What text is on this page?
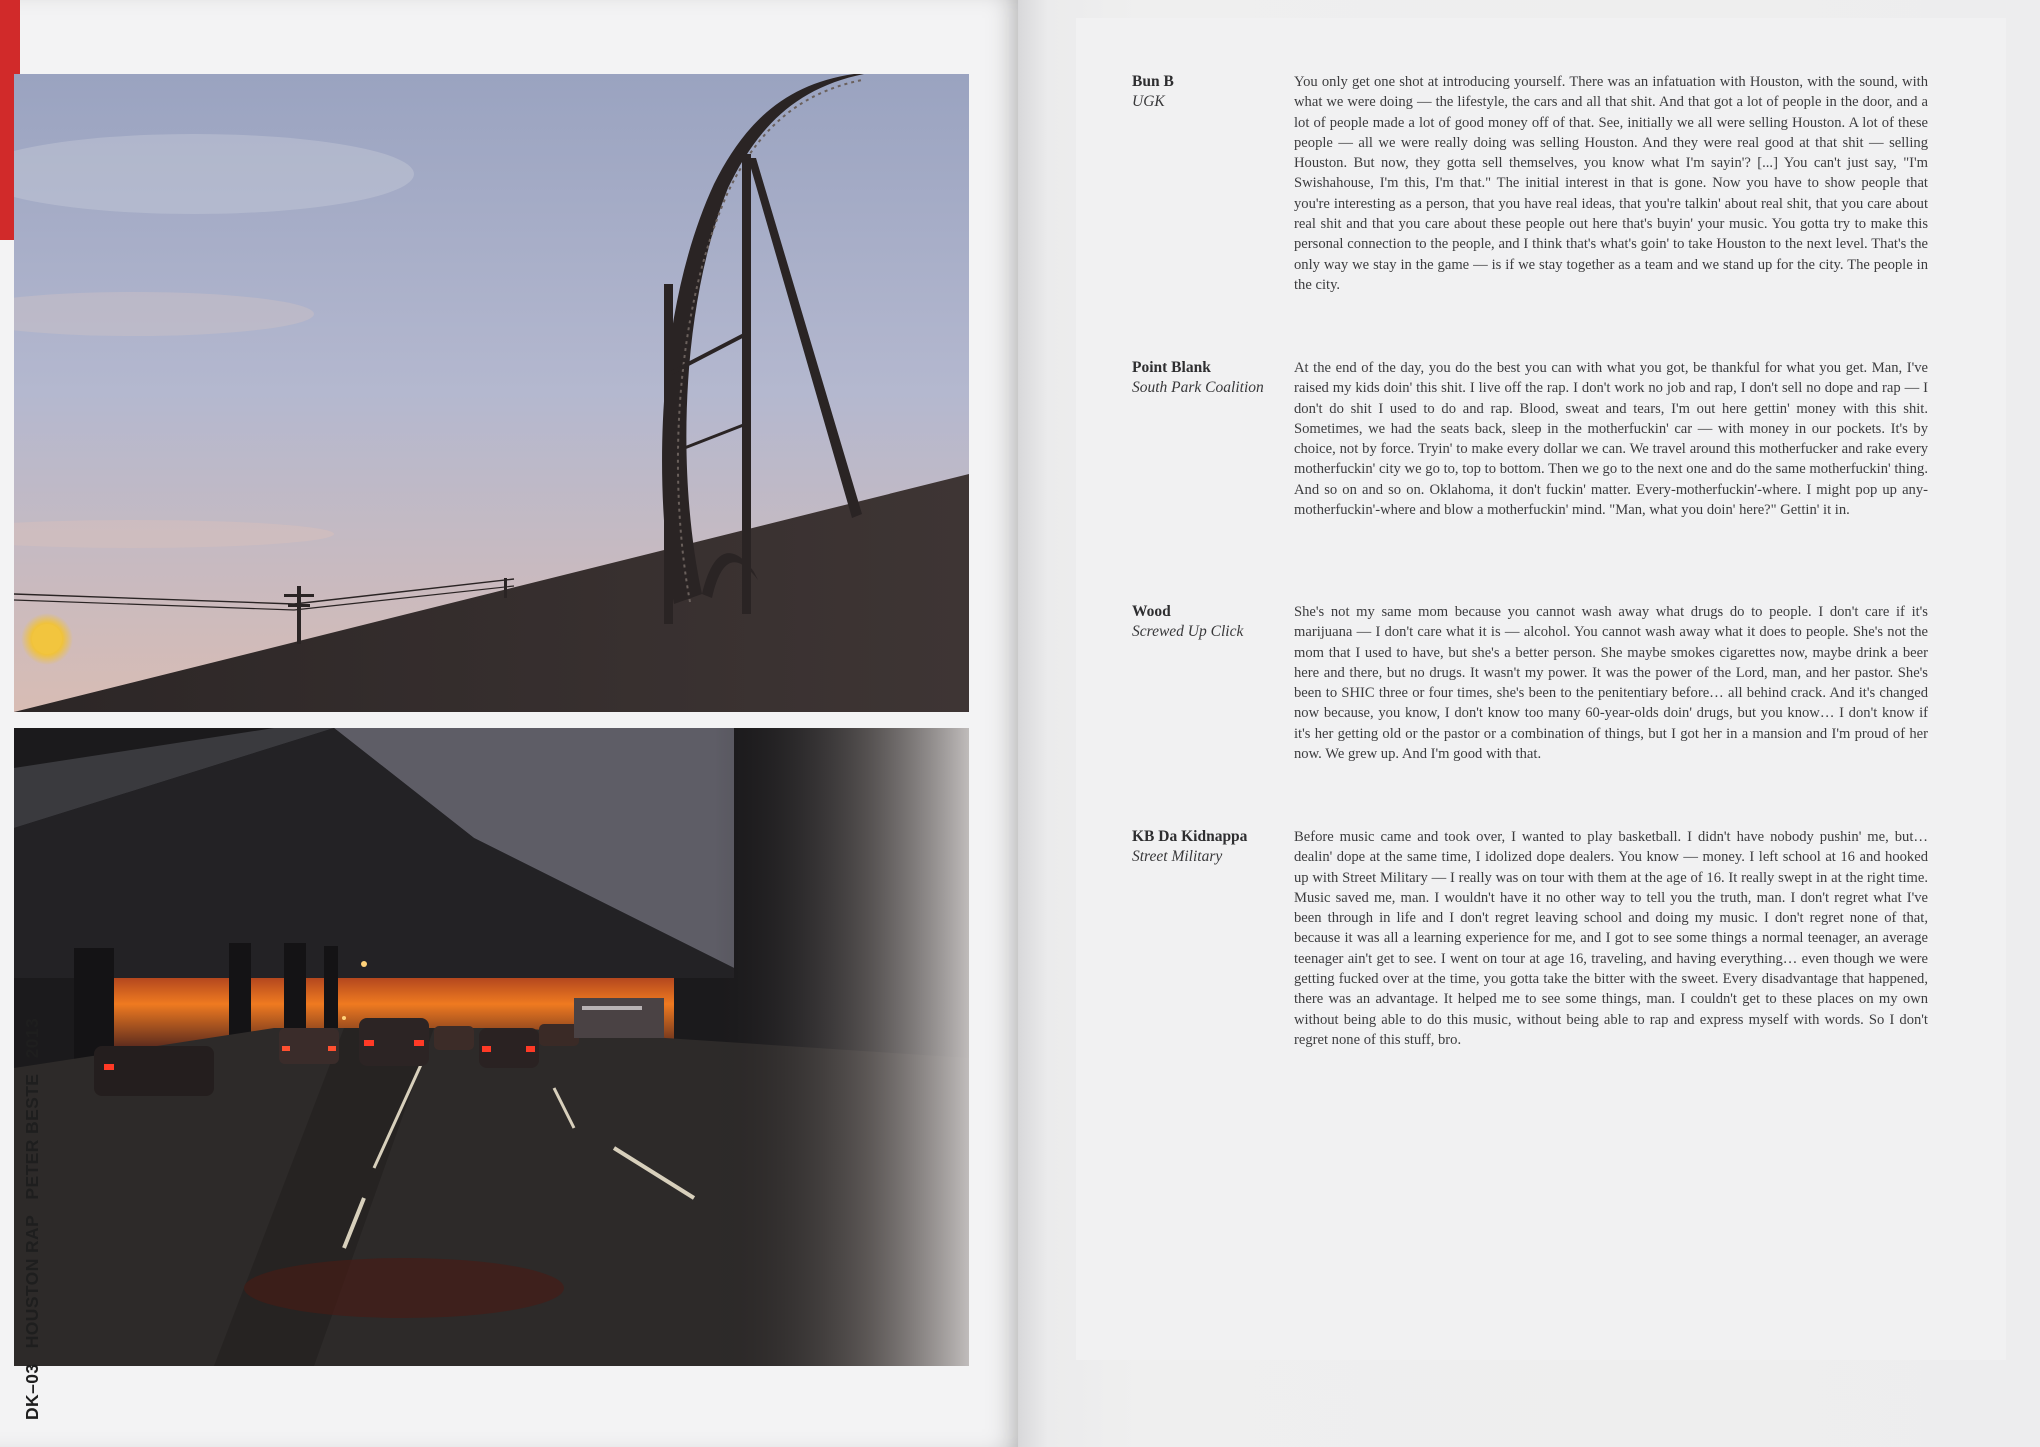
DK–03 HOUSTON RAP PETER BESTE 2013
Bun B
UGK

You only get one shot at introducing yourself. There was an infatuation with Houston, with the sound, with what we were doing — the lifestyle, the cars and all that shit. And that got a lot of people in the door, and a lot of people made a lot of good money off of that. See, initially we all were selling Houston. A lot of these people — all we were really doing was selling Houston. And they were real good at that shit — selling Houston. But now, they gotta sell themselves, you know what I'm sayin'? [...] You can't just say, "I'm Swishahouse, I'm this, I'm that." The initial interest in that is gone. Now you have to show people that you're interesting as a person, that you have real ideas, that you're talkin' about real shit, that you care about real shit and that you care about these people out here that's buyin' your music. You gotta try to make this personal connection to the people, and I think that's what's goin' to take Houston to the next level. That's the only way we stay in the game — is if we stay together as a team and we stand up for the city. The people in the city.

Point Blank
South Park Coalition

At the end of the day, you do the best you can with what you got, be thankful for what you get. Man, I've raised my kids doin' this shit. I live off the rap. I don't work no job and rap, I don't sell no dope and rap — I don't do shit I used to do and rap. Blood, sweat and tears, I'm out here gettin' money with this shit. Sometimes, we had the seats back, sleep in the motherfuckin' car — with money in our pockets. It's by choice, not by force. Tryin' to make every dollar we can. We travel around this motherfucker and rake every motherfuckin' city we go to, top to bottom. Then we go to the next one and do the same motherfuckin' thing. And so on and so on. Oklahoma, it don't fuckin' matter. Every-motherfuckin'-where. I might pop up any-motherfuckin'-where and blow a motherfuckin' mind. "Man, what you doin' here?" Gettin' it in.

Wood
Screwed Up Click

She's not my same mom because you cannot wash away what drugs do to people. I don't care if it's marijuana — I don't care what it is — alcohol. You cannot wash away what it does to people. She's not the mom that I used to have, but she's a better person. She maybe smokes cigarettes now, maybe drink a beer here and there, but no drugs. It wasn't my power. It was the power of the Lord, man, and her pastor. She's been to SHIC three or four times, she's been to the penitentiary before… all behind crack. And it's changed now because, you know, I don't know too many 60-year-olds doin' drugs, but you know… I don't know if it's her getting old or the pastor or a combination of things, but I got her in a mansion and I'm proud of her now. We grew up. And I'm good with that.

KB Da Kidnappa
Street Military

Before music came and took over, I wanted to play basketball. I didn't have nobody pushin' me, but… dealin' dope at the same time, I idolized dope dealers. You know — money. I left school at 16 and hooked up with Street Military — I really was on tour with them at the age of 16. It really swept in at the right time. Music saved me, man. I wouldn't have it no other way to tell you the truth, man. I don't regret what I've been through in life and I don't regret leaving school and doing my music. I don't regret none of that, because it was all a learning experience for me, and I got to see some things a normal teenager, an average teenager ain't get to see. I went on tour at age 16, traveling, and having everything… even though we were getting fucked over at the time, you gotta take the bitter with the sweet. Every disadvantage that happened, there was an advantage. It helped me to see some things, man. I couldn't get to these places on my own without being able to do this music, without being able to rap and express myself with words. So I don't regret none of this stuff, bro.
